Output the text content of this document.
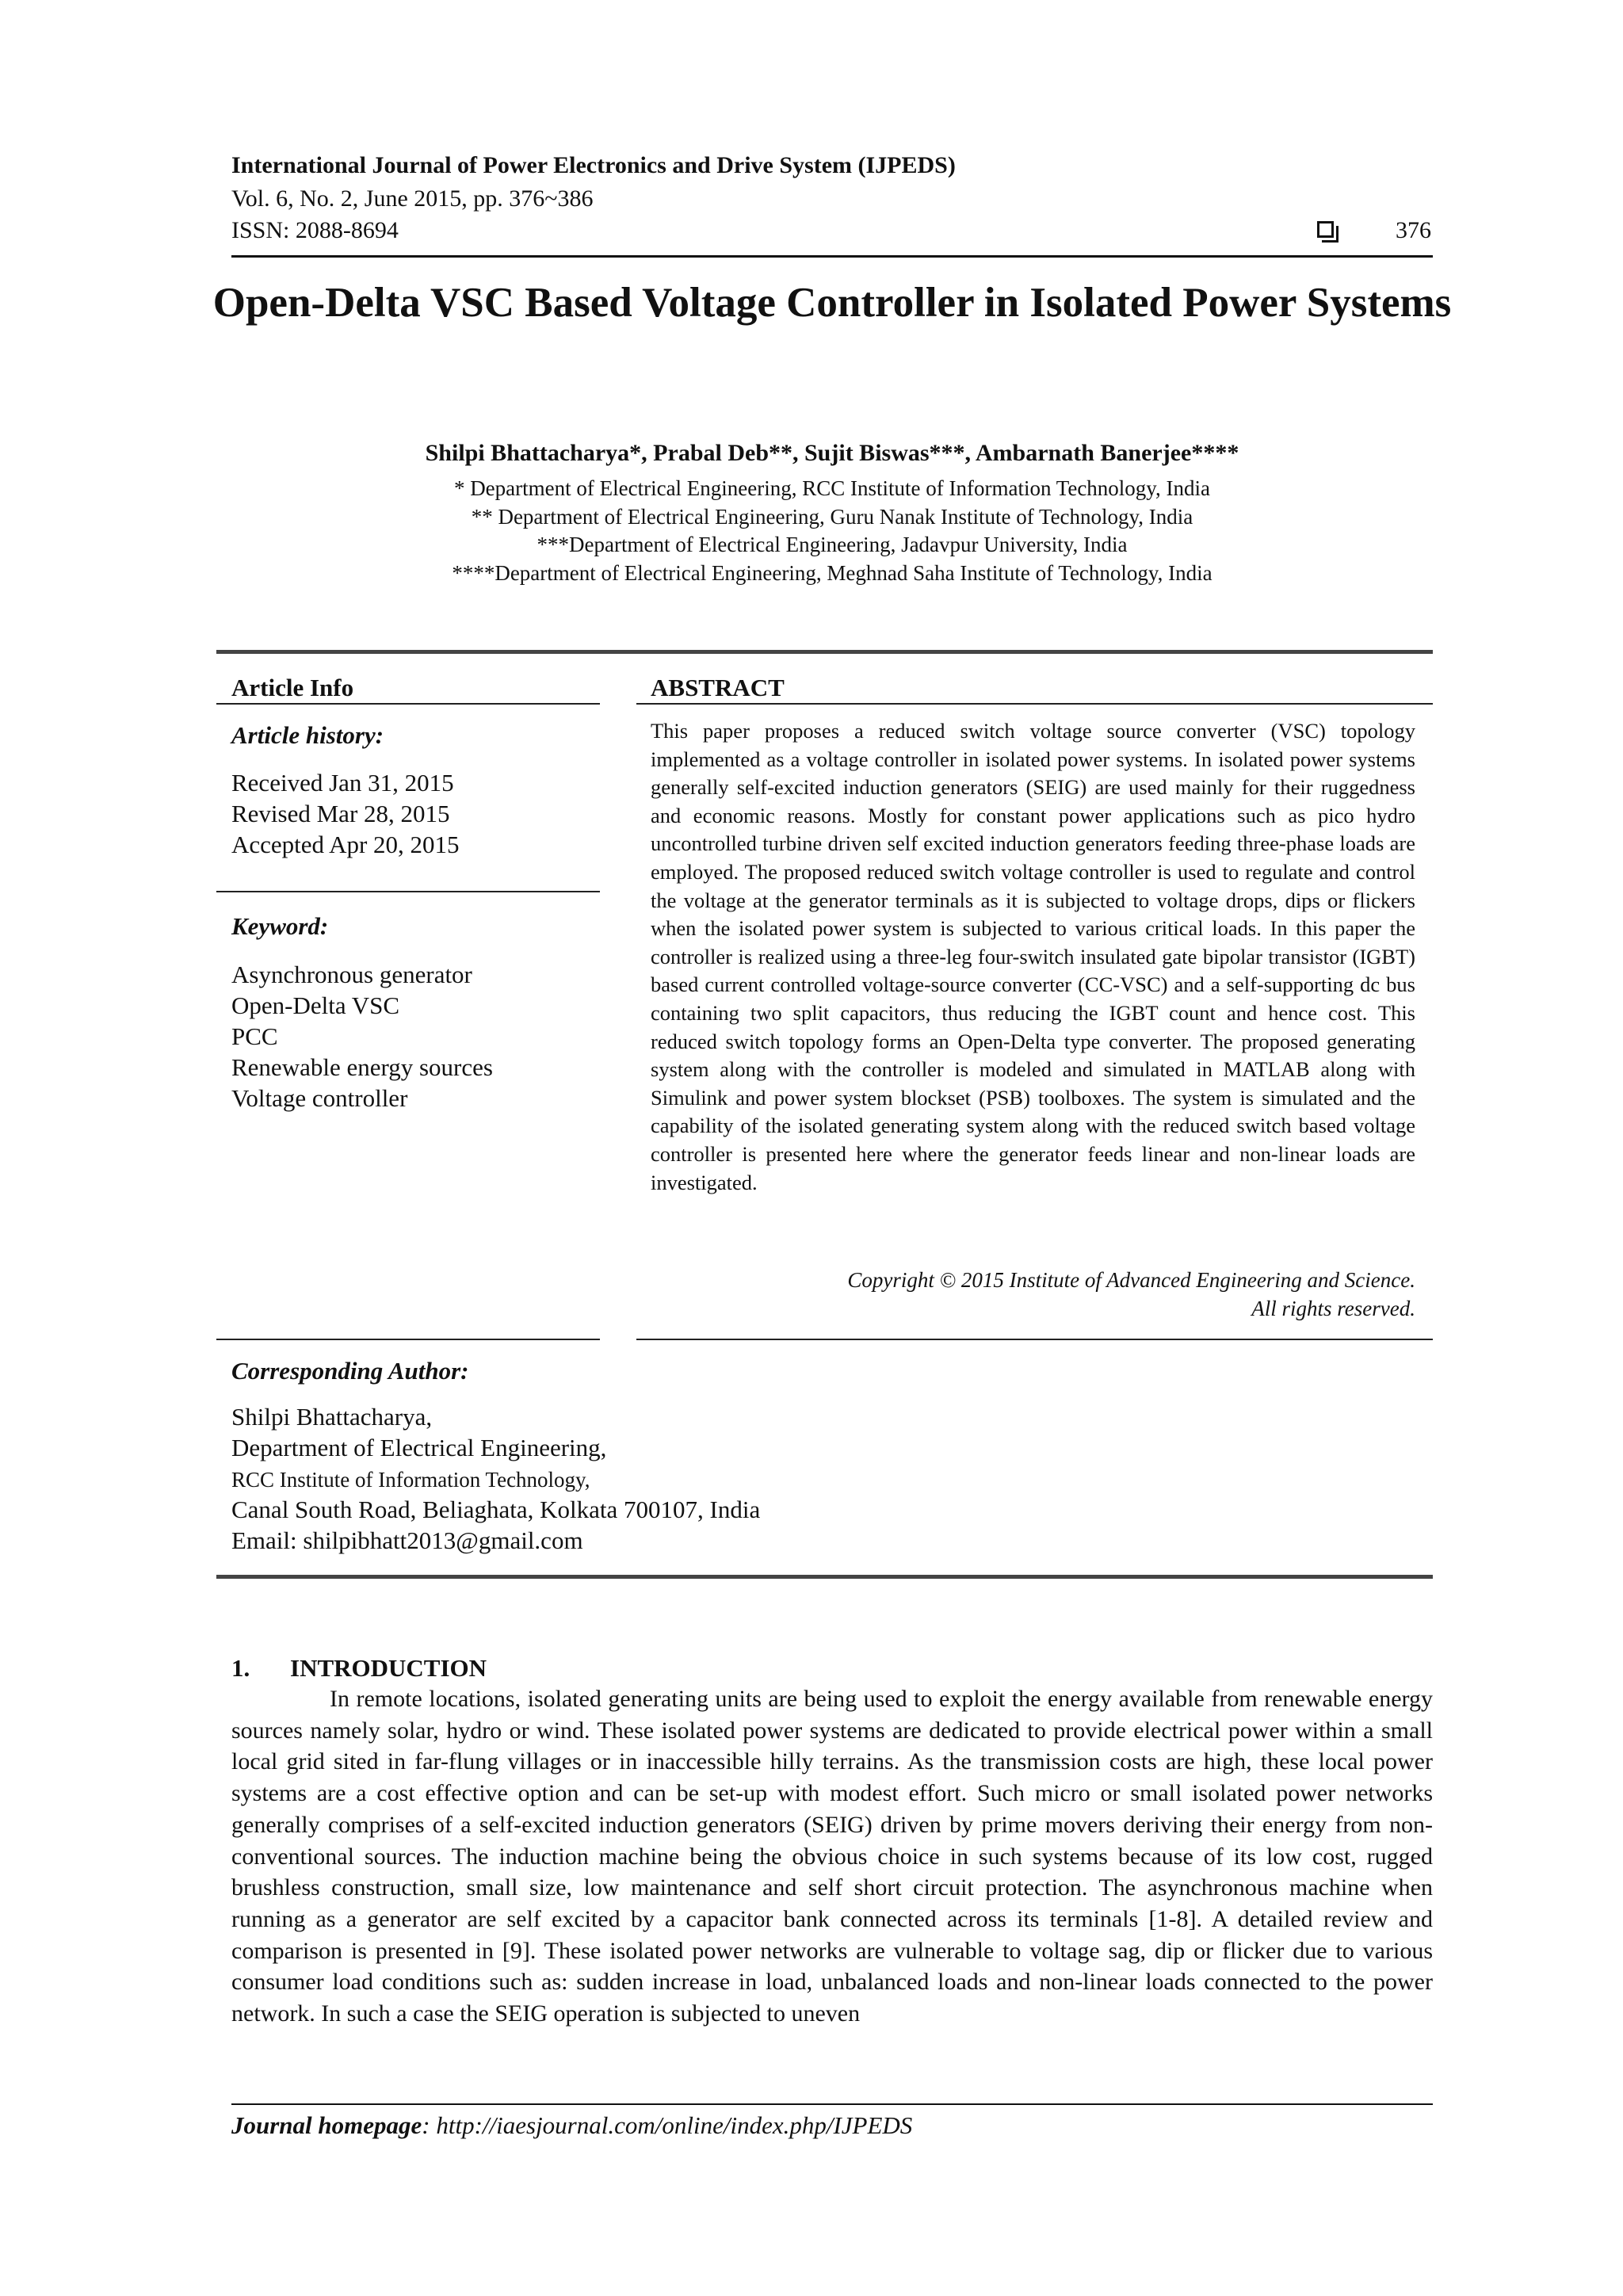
International Journal of Power Electronics and Drive System (IJPEDS)
Vol. 6, No. 2, June 2015, pp. 376~386
ISSN: 2088-8694	376
Open-Delta VSC Based Voltage Controller in Isolated Power Systems
Shilpi Bhattacharya*, Prabal Deb**, Sujit Biswas***, Ambarnath Banerjee****
* Department of Electrical Engineering, RCC Institute of Information Technology, India
** Department of Electrical Engineering, Guru Nanak Institute of Technology, India
***Department of Electrical Engineering, Jadavpur University, India
****Department of Electrical Engineering, Meghnad Saha Institute of Technology, India
Article Info
Article history:
Received Jan 31, 2015
Revised Mar 28, 2015
Accepted Apr 20, 2015
Keyword:
Asynchronous generator
Open-Delta VSC
PCC
Renewable energy sources
Voltage controller
ABSTRACT

This paper proposes a reduced switch voltage source converter (VSC) topology implemented as a voltage controller in isolated power systems. In isolated power systems generally self-excited induction generators (SEIG) are used mainly for their ruggedness and economic reasons. Mostly for constant power applications such as pico hydro uncontrolled turbine driven self excited induction generators feeding three-phase loads are employed. The proposed reduced switch voltage controller is used to regulate and control the voltage at the generator terminals as it is subjected to voltage drops, dips or flickers when the isolated power system is subjected to various critical loads. In this paper the controller is realized using a three-leg four-switch insulated gate bipolar transistor (IGBT) based current controlled voltage-source converter (CC-VSC) and a self-supporting dc bus containing two split capacitors, thus reducing the IGBT count and hence cost. This reduced switch topology forms an Open-Delta type converter. The proposed generating system along with the controller is modeled and simulated in MATLAB along with Simulink and power system blockset (PSB) toolboxes. The system is simulated and the capability of the isolated generating system along with the reduced switch based voltage controller is presented here where the generator feeds linear and non-linear loads are investigated.

Copyright © 2015 Institute of Advanced Engineering and Science.
All rights reserved.
Corresponding Author:
Shilpi Bhattacharya,
Department of Electrical Engineering,
RCC Institute of Information Technology,
Canal South Road, Beliaghata, Kolkata 700107, India
Email: shilpibhatt2013@gmail.com
1. INTRODUCTION

In remote locations, isolated generating units are being used to exploit the energy available from renewable energy sources namely solar, hydro or wind. These isolated power systems are dedicated to provide electrical power within a small local grid sited in far-flung villages or in inaccessible hilly terrains. As the transmission costs are high, these local power systems are a cost effective option and can be set-up with modest effort. Such micro or small isolated power networks generally comprises of a self-excited induction generators (SEIG) driven by prime movers deriving their energy from non-conventional sources. The induction machine being the obvious choice in such systems because of its low cost, rugged brushless construction, small size, low maintenance and self short circuit protection. The asynchronous machine when running as a generator are self excited by a capacitor bank connected across its terminals [1-8]. A detailed review and comparison is presented in [9]. These isolated power networks are vulnerable to voltage sag, dip or flicker due to various consumer load conditions such as: sudden increase in load, unbalanced loads and non-linear loads connected to the power network. In such a case the SEIG operation is subjected to uneven

Journal homepage: http://iaesjournal.com/online/index.php/IJPEDS
